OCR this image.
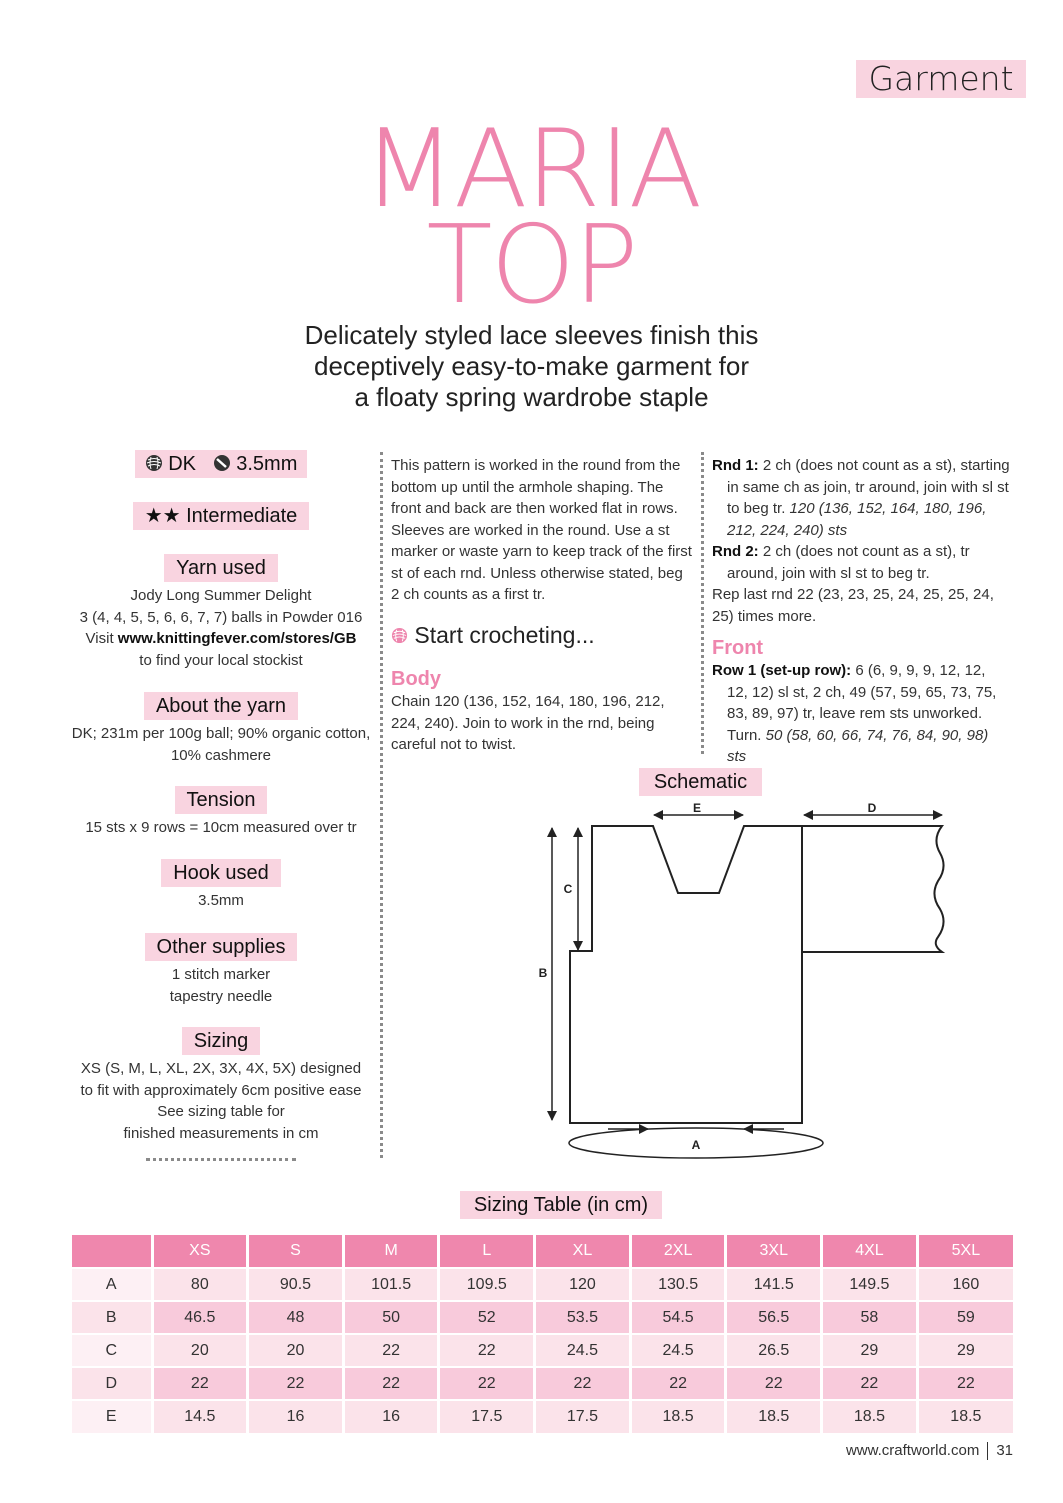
Garment
MARIA
TOP
Delicately styled lace sleeves finish this
deceptively easy-to-make garment for
a floaty spring wardrobe staple
DK 3.5mm
★★ Intermediate
Yarn used

Jody Long Summer Delight

3 (4, 4, 5, 5, 6, 6, 7, 7) balls in Powder 016

Visit www.knittingfever.com/stores/GB

to find your local stockist

About the yarn

DK; 231m per 100g ball; 90% organic cotton,

10% cashmere

Tension

15 sts x 9 rows = 10cm measured over tr

Hook used

3.5mm

Other supplies

1 stitch marker

tapestry needle

Sizing

XS (S, M, L, XL, 2X, 3X, 4X, 5X) designed

to fit with approximately 6cm positive ease

See sizing table for

finished measurements in cm

This pattern is worked in the round from the bottom up until the armhole shaping. The front and back are then worked flat in rows. Sleeves are worked in the round. Use a st marker or waste yarn to keep track of the first st of each rnd. Unless otherwise stated, beg 2 ch counts as a first tr.
Start crocheting...
Body

Chain 120 (136, 152, 164, 180, 196, 212, 224, 240). Join to work in the rnd, being careful not to twist.

Rnd 1: 2 ch (does not count as a st), starting in same ch as join, tr around, join with sl st to beg tr. 120 (136, 152, 164, 180, 196, 212, 224, 240) sts

Rnd 2: 2 ch (does not count as a st), tr around, join with sl st to beg tr.

Rep last rnd 22 (23, 23, 25, 24, 25, 25, 24, 25) times more.

Front

Row 1 (set-up row): 6 (6, 9, 9, 9, 12, 12, 12, 12) sl st, 2 ch, 49 (57, 59, 65, 73, 75, 83, 89, 97) tr, leave rem sts unworked. Turn. 50 (58, 60, 66, 74, 76, 84, 90, 98) sts

Schematic
E	D
C
B
A
Sizing Table (in cm)
	XS	S	M	L	XL	2XL	3XL	4XL	5XL
A	80	90.5	101.5	109.5	120	130.5	141.5	149.5	160
B	46.5	48	50	52	53.5	54.5	56.5	58	59
C	20	20	22	22	24.5	24.5	26.5	29	29
D	22	22	22	22	22	22	22	22	22
E	14.5	16	16	17.5	17.5	18.5	18.5	18.5	18.5
www.craftworld.com 31
